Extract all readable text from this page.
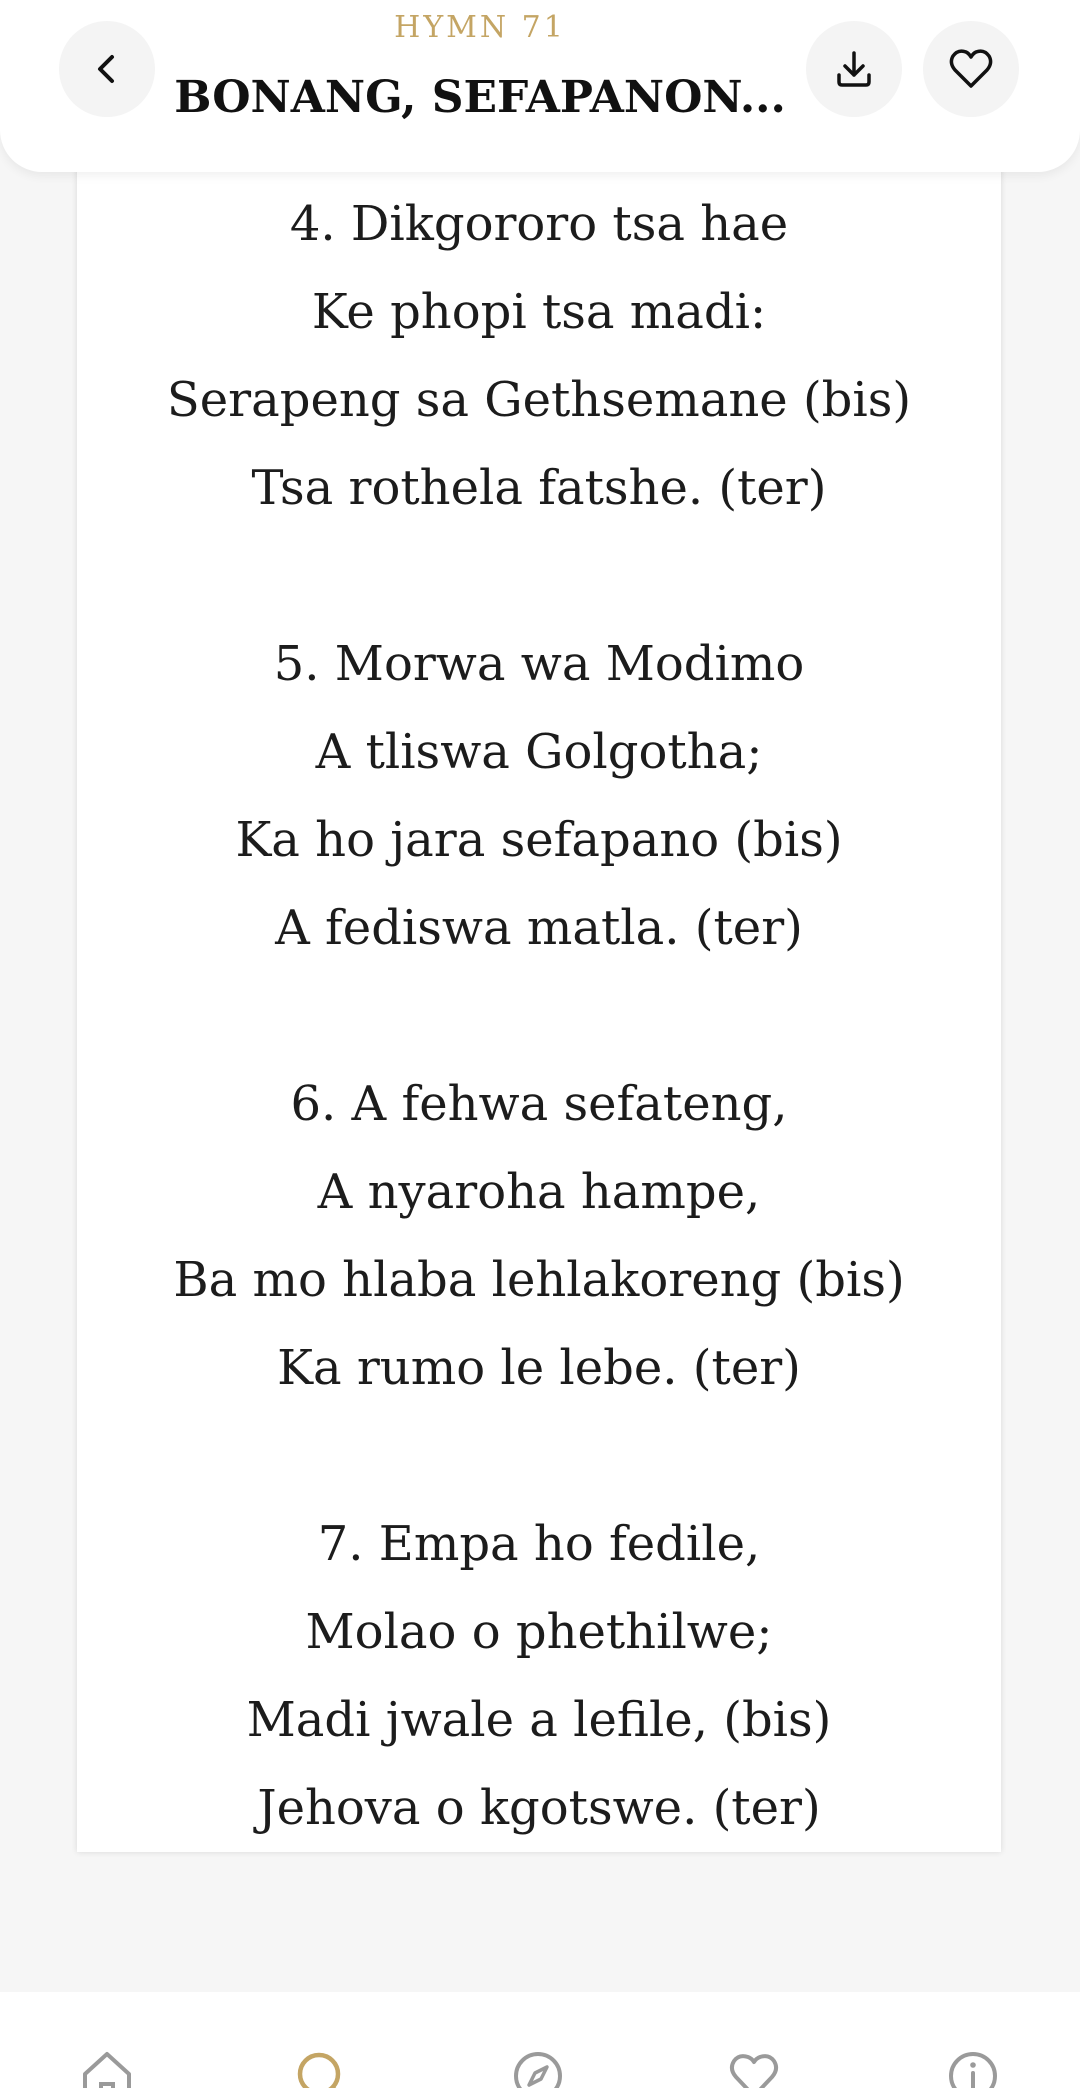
4. Dikgororo tsa hae
Ke phopi tsa madi:
Serapeng sa Gethsemane (bis)
Tsa rothela fatshe. (ter)
5. Morwa wa Modimo
A tliswa Golgotha;
Ka ho jara sefapano (bis)
A fediswa matla. (ter)
6. A fehwa sefateng,
A nyaroha hampe,
Ba mo hlaba lehlakoreng (bis)
Ka rumo le lebe. (ter)
7. Empa ho fedile,
Molao o phethilwe;
Madi jwale a lefile, (bis)
Jehova o kgotswe. (ter)
HYMN 71
BONANG, SEFAPANON...
